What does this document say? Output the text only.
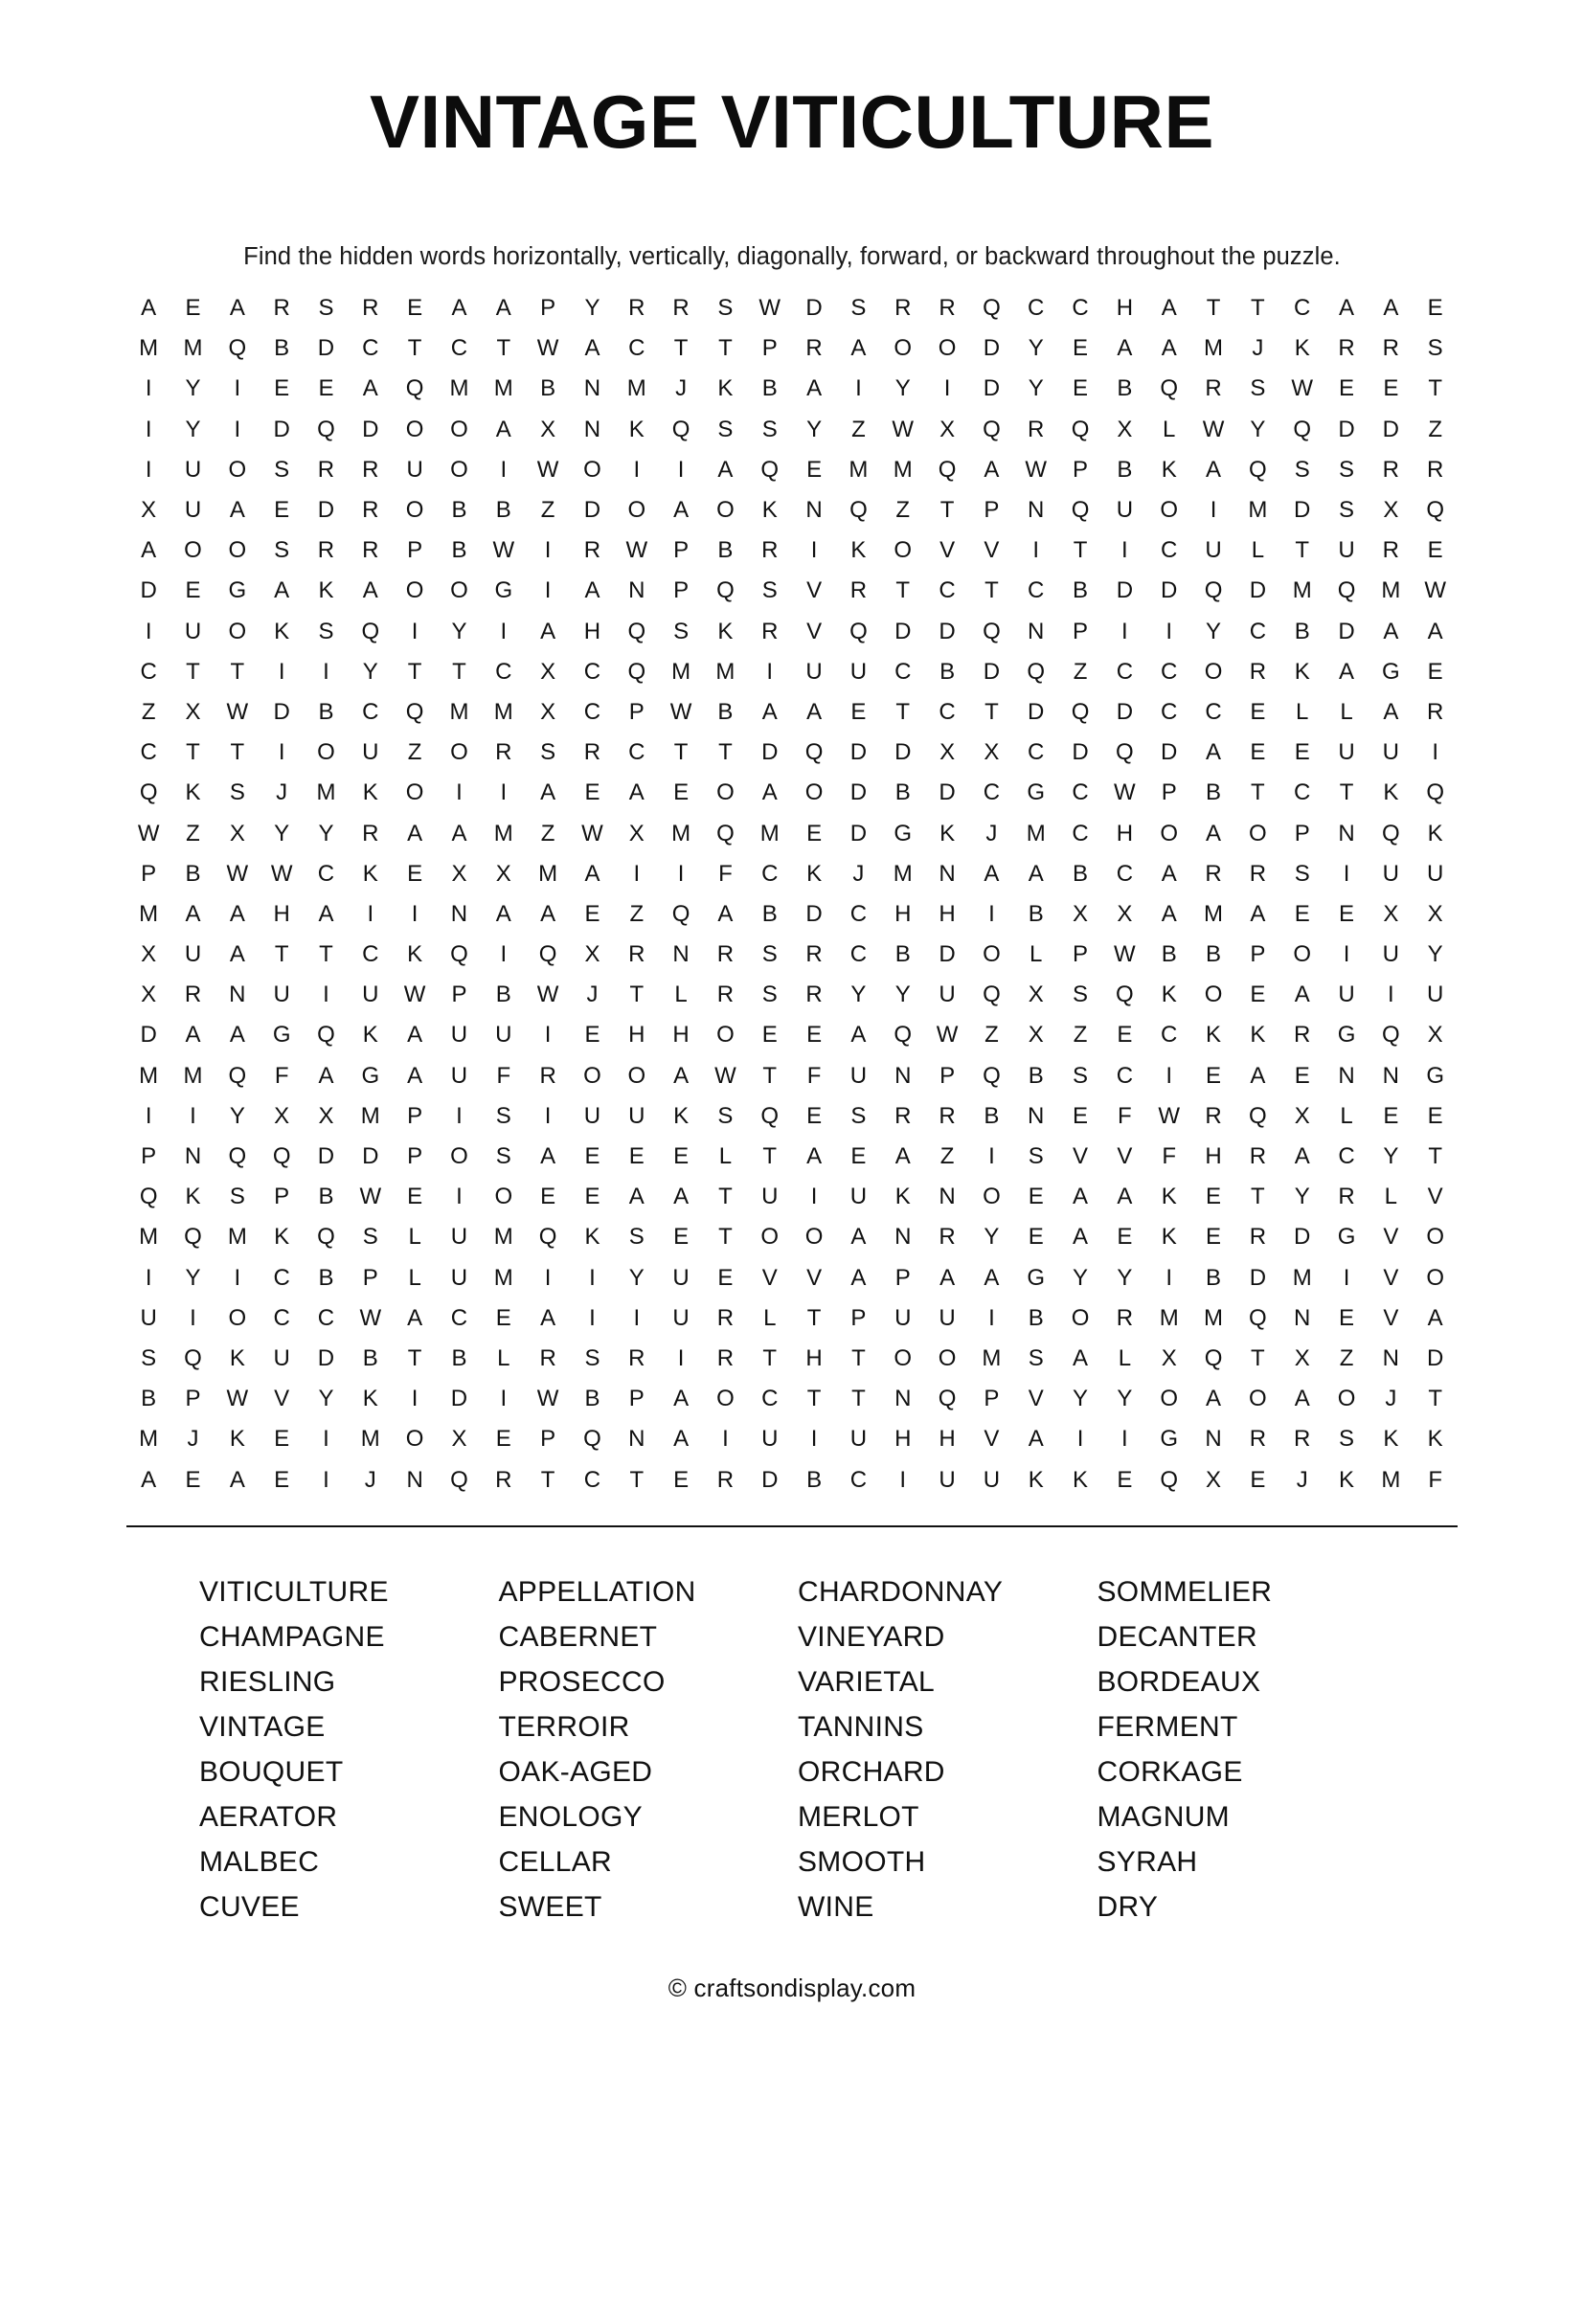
VINTAGE VITICULTURE

Find the hidden words horizontally, vertically, diagonally, forward, or backward throughout the puzzle.

A	E	A	R	S	R	E	A	A	P	Y	R	R	S	W	D	S	R	R	Q	C	C	H	A	T	T	C	A	A	E
M	M	Q	B	D	C	T	C	T	W	A	C	T	T	P	R	A	O	O	D	Y	E	A	A	M	J	K	R	R	S
I	Y	I	E	E	A	Q	M	M	B	N	M	J	K	B	A	I	Y	I	D	Y	E	B	Q	R	S	W	E	E	T
I	Y	I	D	Q	D	O	O	A	X	N	K	Q	S	S	Y	Z	W	X	Q	R	Q	X	L	W	Y	Q	D	D	Z
I	U	O	S	R	R	U	O	I	W	O	I	I	A	Q	E	M	M	Q	A	W	P	B	K	A	Q	S	S	R	R
X	U	A	E	D	R	O	B	B	Z	D	O	A	O	K	N	Q	Z	T	P	N	Q	U	O	I	M	D	S	X	Q
A	O	O	S	R	R	P	B	W	I	R	W	P	B	R	I	K	O	V	V	I	T	I	C	U	L	T	U	R	E
D	E	G	A	K	A	O	O	G	I	A	N	P	Q	S	V	R	T	C	T	C	B	D	D	Q	D	M	Q	M	W
I	U	O	K	S	Q	I	Y	I	A	H	Q	S	K	R	V	Q	D	D	Q	N	P	I	I	Y	C	B	D	A	A
C	T	T	I	I	Y	T	T	C	X	C	Q	M	M	I	U	U	C	B	D	Q	Z	C	C	O	R	K	A	G	E
Z	X	W	D	B	C	Q	M	M	X	C	P	W	B	A	A	E	T	C	T	D	Q	D	C	C	E	L	L	A	R
C	T	T	I	O	U	Z	O	R	S	R	C	T	T	D	Q	D	D	X	X	C	D	Q	D	A	E	E	U	U	I
Q	K	S	J	M	K	O	I	I	A	E	A	E	O	A	O	D	B	D	C	G	C	W	P	B	T	C	T	K	Q
W	Z	X	Y	Y	R	A	A	M	Z	W	X	M	Q	M	E	D	G	K	J	M	C	H	O	A	O	P	N	Q	K
P	B	W W	C	K	E	X	X	M	A	I	I	F	C	K	J	M	N	A	A	B	C	A	R	R	S	I	U	U
M	A	A	H	A	I	I	N	A	A	E	Z	Q	A	B	D	C	H	H	I	B	X	X	A	M	A	E	E	X	X
X	U	A	T	T	C	K	Q	I	Q	X	R	N	R	S	R	C	B	D	O	L	P	W	B	B	P	O	I	U	Y
X	R	N	U	I	U	W	P	B	W	J	T	L	R	S	R	Y	Y	U	Q	X	S	Q	K	O	E	A	U	I	U
D	A	A	G	Q	K	A	U	U	I	E	H	H	O	E	E	A	Q	W	Z	X	Z	E	C	K	K	R	G	Q	X
M	M	Q	F	A	G	A	U	F	R	O	O	A	W	T	F	U	N	P	Q	B	S	C	I	E	A	E	N	N	G
I	I	Y	X	X	M	P	I	S	I	U	U	K	S	Q	E	S	R	R	B	N	E	F	W	R	Q	X	L	E	E
P	N	Q	Q	D	D	P	O	S	A	E	E	E	L	T	A	E	A	Z	I	S	V	V	F	H	R	A	C	Y	T
Q	K	S	P	B	W	E	I	O	E	E	A	A	T	U	I	U	K	N	O	E	A	A	K	E	T	Y	R	L	V
M	Q	M	K	Q	S	L	U	M	Q	K	S	E	T	O	O	A	N	R	Y	E	A	E	K	E	R	D	G	V	O
I	Y	I	C	B	P	L	U	M	I	I	Y	U	E	V	V	A	P	A	A	G	Y	Y	I	B	D	M	I	V	O
U	I	O	C	C	W	A	C	E	A	I	I	U	R	L	T	P	U	U	I	B	O	R	M	M	Q	N	E	V	A
S	Q	K	U	D	B	T	B	L	R	S	R	I	R	T	H	T	O	O	M	S	A	L	X	Q	T	X	Z	N	D
B	P	W	V	Y	K	I	D	I	W	B	P	A	O	C	T	T	N	Q	P	V	Y	Y	O	A	O	A	O	J	T
M	J	K	E	I	M	O	X	E	P	Q	N	A	I	U	I	U	H	H	V	A	I	I	G	N	R	R	S	K	K
A	E	A	E	I	J	N	Q	R	T	C	T	E	R	D	B	C	I	U	U	K	K	E	Q	X	E	J	K	M	F
VITICULTURE	APPELLATION	CHARDONNAY	SOMMELIER
CHAMPAGNE	CABERNET	VINEYARD	DECANTER
RIESLING	PROSECCO	VARIETAL	BORDEAUX
VINTAGE	TERROIR	TANNINS	FERMENT
BOUQUET	OAK-AGED	ORCHARD	CORKAGE
AERATOR	ENOLOGY	MERLOT	MAGNUM
MALBEC	CELLAR	SMOOTH	SYRAH
CUVEE	SWEET	WINE	DRY
© craftsondisplay.com
